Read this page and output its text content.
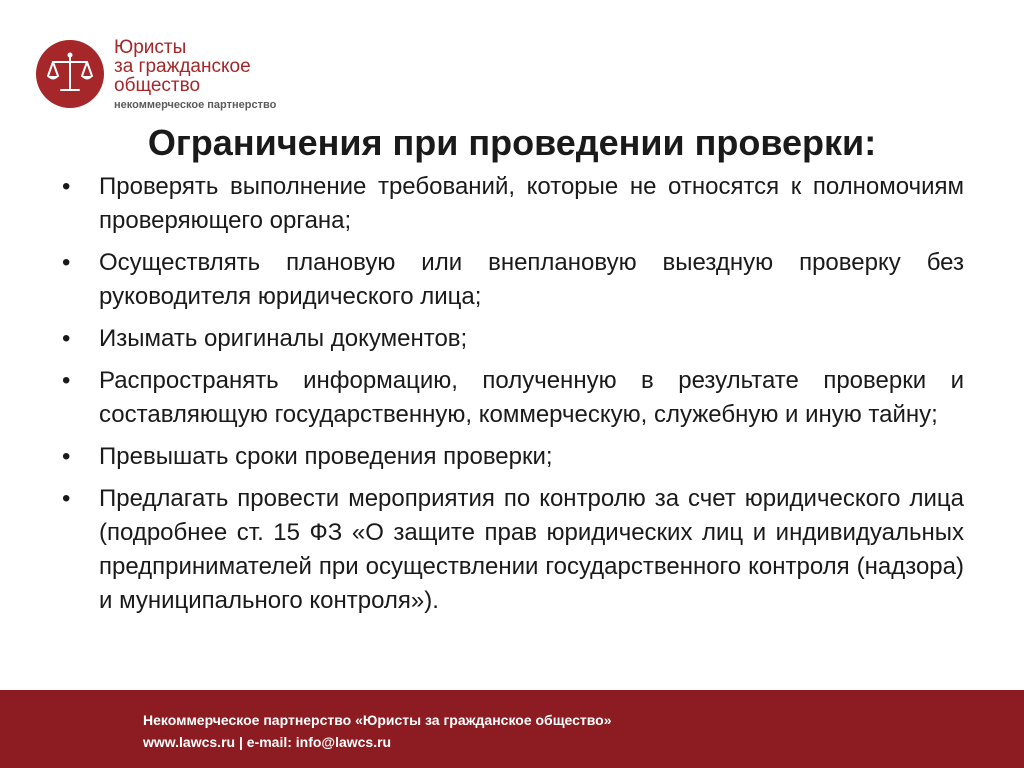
Юристы
за гражданское
общество
некоммерческое партнерство
Ограничения при проведении проверки:
• Проверять выполнение требований, которые не относятся к полномочиям проверяющего органа;
• Осуществлять плановую или внеплановую выездную проверку без руководителя юридического лица;
• Изымать оригиналы документов;
• Распространять информацию, полученную в результате проверки и составляющую государственную, коммерческую, служебную и иную тайну;
• Превышать сроки проведения проверки;
• Предлагать провести мероприятия по контролю за счет юридического лица (подробнее ст. 15 ФЗ «О защите прав юридических лиц и индивидуальных предпринимателей при осуществлении государственного контроля (надзора) и муниципального контроля»).
Некоммерческое партнерство «Юристы за гражданское общество»
www.lawcs.ru | e-mail: info@lawcs.ru
